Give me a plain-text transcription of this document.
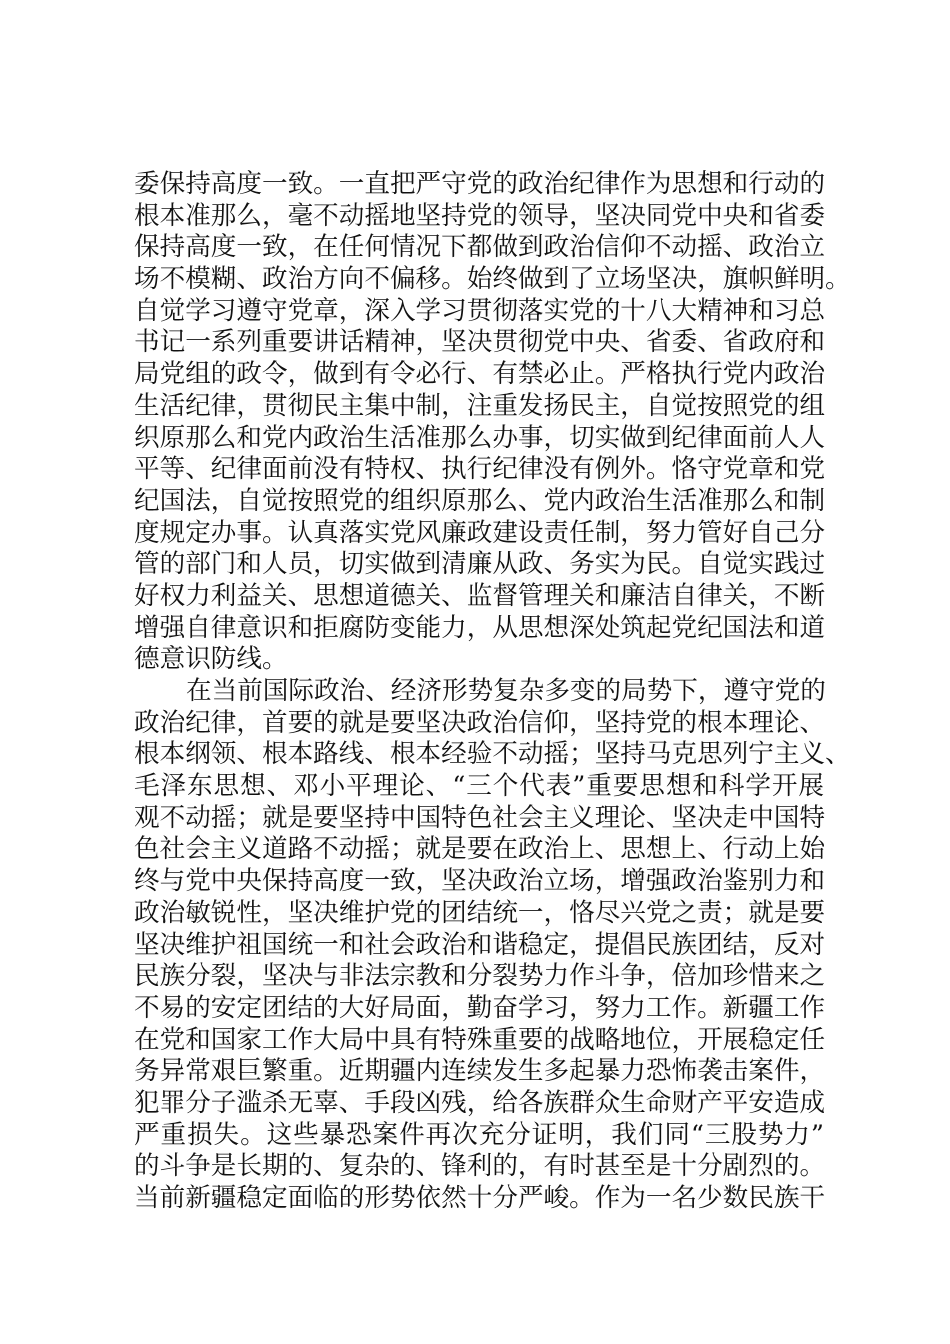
委保持高度一致。一直把严守党的政治纪律作为思想和行动的
根本准那么，毫不动摇地坚持党的领导，坚决同党中央和省委
保持高度一致，在任何情况下都做到政治信仰不动摇、政治立
场不模糊、政治方向不偏移。始终做到了立场坚决，旗帜鲜明。
自觉学习遵守党章，深入学习贯彻落实党的十八大精神和习总
书记一系列重要讲话精神，坚决贯彻党中央、省委、省政府和
局党组的政令，做到有令必行、有禁必止。严格执行党内政治
生活纪律，贯彻民主集中制，注重发扬民主，自觉按照党的组
织原那么和党内政治生活准那么办事，切实做到纪律面前人人
平等、纪律面前没有特权、执行纪律没有例外。恪守党章和党
纪国法，自觉按照党的组织原那么、党内政治生活准那么和制
度规定办事。认真落实党风廉政建设责任制，努力管好自己分
管的部门和人员，切实做到清廉从政、务实为民。自觉实践过
好权力利益关、思想道德关、监督管理关和廉洁自律关，不断
增强自律意识和拒腐防变能力，从思想深处筑起党纪国法和道
德意识防线。
在当前国际政治、经济形势复杂多变的局势下，遵守党的
政治纪律，首要的就是要坚决政治信仰，坚持党的根本理论、
根本纲领、根本路线、根本经验不动摇；坚持马克思列宁主义、
毛泽东思想、邓小平理论、“三个代表”重要思想和科学开展
观不动摇；就是要坚持中国特色社会主义理论、坚决走中国特
色社会主义道路不动摇；就是要在政治上、思想上、行动上始
终与党中央保持高度一致，坚决政治立场，增强政治鉴别力和
政治敏锐性，坚决维护党的团结统一，恪尽兴党之责；就是要
坚决维护祖国统一和社会政治和谐稳定，提倡民族团结，反对
民族分裂，坚决与非法宗教和分裂势力作斗争，倍加珍惜来之
不易的安定团结的大好局面，勤奋学习，努力工作。新疆工作
在党和国家工作大局中具有特殊重要的战略地位，开展稳定任
务异常艰巨繁重。近期疆内连续发生多起暴力恐怖袭击案件，
犯罪分子滥杀无辜、手段凶残，给各族群众生命财产平安造成
严重损失。这些暴恐案件再次充分证明，我们同“三股势力”
的斗争是长期的、复杂的、锋利的，有时甚至是十分剧烈的。
当前新疆稳定面临的形势依然十分严峻。作为一名少数民族干
